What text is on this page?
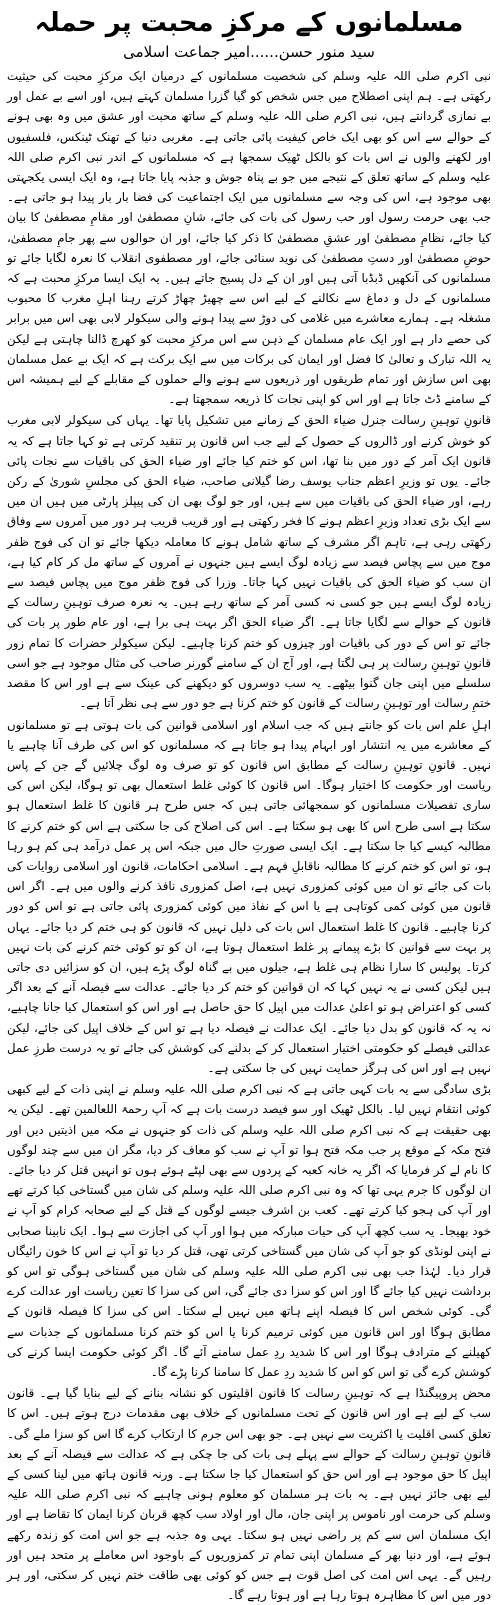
مسلمانوں کے مرکزِ محبت پر حملہ
سید منور حسن......امیر جماعت اسلامی

نبی اکرم صلی اللہ علیہ وسلم کی شخصیت مسلمانوں کے درمیان ایک مرکزِ محبت کی حیثیت رکھتی ہے۔ ہم اپنی اصطلاح میں جس شخص کو گیا گزرا مسلمان کہتے ہیں، اور اسے بے عمل اور بے نمازی گردانتے ہیں، نبی اکرم صلی اللہ علیہ وسلم کے ساتھ محبت اور عشق میں وہ بھی ہونے کے حوالے سے اس کو بھی ایک خاص کیفیت پائی جاتی ہے۔ مغربی دنیا کے تھنک ٹینکس، فلسفیوں اور لکھنے والوں نے اس بات کو بالکل ٹھیک سمجھا ہے کہ مسلمانوں کے اندر نبی اکرم صلی اللہ علیہ وسلم کے ساتھ تعلق کے نتیجے میں جو بے پناہ جوش و جذبہ پایا جاتا ہے، وہ ایک ایسی یکجہتی بھی موجود ہے، اس کی وجہ سے مسلمانوں میں ایک اجتماعیت کی فضا بار بار پیدا ہو جاتی ہے۔ جب بھی حرمت رسول اور حب رسول کی بات کی جائے، شانِ مصطفیٰ اور مقامِ مصطفیٰ کا بیان کیا جائے، نظامِ مصطفیٰ اور عشقِ مصطفیٰ کا ذکر کیا جائے، اور ان حوالوں سے پھر جامِ مصطفیٰ، حوضِ مصطفیٰ اور دستِ مصطفیٰ کی نوید سنائی جائے، اور مصطفوی انقلاب کا نعرہ لگایا جائے تو مسلمانوں کی آنکھیں ڈبڈبا آتی ہیں اور ان کے دل پسیج جاتے ہیں۔ یہ ایک ایسا مرکزِ محبت ہے کہ مسلمانوں کے دل و دماغ سے نکالنے کے لیے اس سے چھیڑ چھاڑ کرتے رہنا اہلِ مغرب کا محبوب مشغلہ ہے۔ ہمارے معاشرے میں غلامی کی دوڑ سے پیدا ہونے والی سیکولر لابی بھی اس میں برابر کی حصے دار ہے اور ایک عام مسلمان کے ذہن سے اس مرکزِ محبت کو کھرچ ڈالنا چاہتی ہے لیکن یہ اللہ تبارک و تعالیٰ کا فضل اور ایمان کی برکات میں سے ایک برکت ہے کہ ایک بے عمل مسلمان بھی اس سازش اور تمام طریقوں اور ذریعوں سے ہونے والے حملوں کے مقابلے کے لیے ہمیشہ اس کے سامنے ڈٹ جاتا ہے اور اس کو اپنی نجات کا ذریعہ سمجھتا ہے۔

قانونِ توہینِ رسالت جنرل ضیاء الحق کے زمانے میں تشکیل پایا تھا۔ یہاں کی سیکولر لابی مغرب کو خوش کرنے اور ڈالروں کے حصول کے لیے جب اس قانون پر تنقید کرتی ہے تو کہا جاتا ہے کہ یہ قانون ایک آمر کے دور میں بنا تھا، اس کو ختم کیا جائے اور ضیاء الحق کی باقیات سے نجات پائی جائے۔ یوں تو وزیرِ اعظم جناب یوسف رضا گیلانی صاحب، ضیاء الحق کی مجلسِ شوریٰ کے رکن رہے، اور ضیاء الحق کی باقیات میں سے ہیں، اور جو لوگ بھی ان کی پیپلز پارٹی میں ہیں ان میں سے ایک بڑی تعداد وزیرِ اعظم ہونے کا فخر رکھتی ہے اور قریب قریب ہر دور میں آمروں سے وفاق رکھتی رہی ہے، تاہم اگر مشرف کے ساتھ شامل ہونے کا معاملہ دیکھا جائے تو ان کی فوج ظفر موج میں سے پچاس فیصد سے زیادہ لوگ ایسے ہیں جنہوں نے آمروں کے ساتھ مل کر کام کیا ہے، ان سب کو ضیاء الحق کی باقیات نہیں کہا جاتا۔ وزرا کی فوج ظفر موج میں پچاس فیصد سے زیادہ لوگ ایسے ہیں جو کسی نہ کسی آمر کے ساتھ رہے ہیں۔ یہ نعرہ صرف توہینِ رسالت کے قانون کے حوالے سے لگایا جاتا ہے۔ اگر ضیاء الحق اگر بہت ہی برا ہے، اور عام طور پر بات کی جائے تو اس کے دور کی باقیات اور چیزوں کو ختم کرنا چاہیے۔ لیکن سیکولر حضرات کا تمام زور قانونِ توہینِ رسالت پر ہی لگتا ہے، اور آج ان کے سامنے گورنر صاحب کی مثال موجود ہے جو اسی سلسلے میں اپنی جان گنوا بیٹھے۔ یہ سب دوسروں کو دیکھنے کی عینک سے ہے اور اس کا مقصد ختمِ رسالت اور توہینِ رسالت کے قانون کو ختم کرنا ہے جو دور سے ہی نظر آتا ہے۔

اہلِ علم اس بات کو جانتے ہیں کہ جب اسلام اور اسلامی قوانین کی بات ہوتی ہے تو مسلمانوں کے معاشرے میں یہ انتشار اور ابہام پیدا ہو جاتا ہے کہ مسلمانوں کو اس کی طرف آنا چاہیے یا نہیں۔ قانونِ توہینِ رسالت کے مطابق اس قانون کو تو صرف وہ لوگ چلائیں گے جن کے پاس ریاست اور حکومت کا اختیار ہوگا۔ اس قانون کا کوئی غلط استعمال بھی تو ہوگا، لیکن اس کی ساری تفصیلات مسلمانوں کو سمجھائی جاتی ہیں کہ جس طرح ہر قانون کا غلط استعمال ہو سکتا ہے اسی طرح اس کا بھی ہو سکتا ہے۔ اس کی اصلاح کی جا سکتی ہے اس کو ختم کرنے کا مطالبہ کیسے کیا جا سکتا ہے۔ ایک ایسی صورتِ حال میں جبکہ اس پر عمل درآمد ہی کم ہو رہا ہو، تو اس کو ختم کرنے کا مطالبہ ناقابلِ فہم ہے۔ اسلامی احکامات، قانون اور اسلامی روایات کی بات کی جائے تو ان میں کوئی کمزوری نہیں ہے، اصل کمزوری نافذ کرنے والوں میں ہے۔ اگر اس قانون میں کوئی کمی کوتاہی ہے یا اس کے نفاذ میں کوئی کمزوری پائی جاتی ہے تو اس کو دور کرنا چاہیے۔ قانون کا غلط استعمال اس بات کی دلیل نہیں کہ قانون کو ہی ختم کر دیا جائے۔ یہاں پر بہت سے قوانین کا بڑے پیمانے پر غلط استعمال ہوتا ہے، ان کو تو کوئی ختم کرنے کی بات نہیں کرتا۔ پولیس کا سارا نظام ہی غلط ہے، جیلوں میں بے گناہ لوگ پڑے ہیں، ان کو سزائیں دی جاتی ہیں لیکن کسی نے یہ نہیں کہا کہ ان قوانین کو ختم کر دیا جائے۔ عدالت سے فیصلہ آنے کے بعد اگر کسی کو اعتراض ہو تو اعلیٰ عدالت میں اپیل کا حق حاصل ہے اور اس کو استعمال کیا جانا چاہیے، نہ یہ کہ قانون کو بدل دیا جائے۔ ایک عدالت نے فیصلہ دیا ہے تو اس کے خلاف اپیل کی جائے، لیکن عدالتی فیصلے کو حکومتی اختیار استعمال کر کے بدلنے کی کوشش کی جائے تو یہ درست طرزِ عمل نہیں ہے اور اس کی ہرگز حمایت نہیں کی جا سکتی ہے۔

بڑی سادگی سے یہ بات کہی جاتی ہے کہ نبی اکرم صلی اللہ علیہ وسلم نے اپنی ذات کے لیے کبھی کوئی انتقام نہیں لیا۔ بالکل ٹھیک اور سو فیصد درست بات ہے کہ آپ رحمۃ اللعالمین تھے۔ لیکن یہ بھی حقیقت ہے کہ نبی اکرم صلی اللہ علیہ وسلم کی ذات کو جنہوں نے مکہ میں اذیتیں دیں اور فتح مکہ کے موقع پر جب مکہ فتح ہوا تو آپ نے سب کو معاف کر دیا، مگر ان میں سے چند لوگوں کا نام لے کر فرمایا کہ اگر یہ خانہ کعبہ کے پردوں سے بھی لپٹے ہوئے ہوں تو انہیں قتل کر دیا جائے۔ ان لوگوں کا جرم یہی تھا کہ وہ نبی اکرم صلی اللہ علیہ وسلم کی شان میں گستاخی کیا کرتے تھے اور آپ کی ہجو کیا کرتے تھے۔ کعب بن اشرف جیسے لوگوں کے قتل کے لیے صحابہ کرام کو آپ نے خود بھیجا۔ یہ سب کچھ آپ کی حیات مبارکہ میں ہوا اور آپ کی اجازت سے ہوا۔ ایک نابینا صحابی نے اپنی لونڈی کو جو آپ کی شان میں گستاخی کرتی تھی، قتل کر دیا تو آپ نے اس کا خون رائیگاں قرار دیا۔ لہٰذا جب بھی نبی اکرم صلی اللہ علیہ وسلم کی شان میں گستاخی ہوگی تو اس کو برداشت نہیں کیا جائے گا اور اس کو سزا دی جائے گی، اس کی سزا کا تعین ریاست اور عدالت کرے گی۔ کوئی شخص اس کا فیصلہ اپنے ہاتھ میں نہیں لے سکتا۔ اس کی سزا کا فیصلہ قانون کے مطابق ہوگا اور اس قانون میں کوئی ترمیم کرنا یا اس کو ختم کرنا مسلمانوں کے جذبات سے کھیلنے کے مترادف ہوگا اور اس کا شدید ردِ عمل سامنے آئے گا۔ اگر کوئی حکومت ایسا کرنے کی کوشش کرے گی تو اس کو اس کا شدید ردِ عمل کا سامنا کرنا پڑے گا۔

محض پروپیگنڈا ہے کہ توہینِ رسالت کا قانون اقلیتوں کو نشانہ بنانے کے لیے بنایا گیا ہے۔ قانون سب کے لیے ہے اور اس قانون کے تحت مسلمانوں کے خلاف بھی مقدمات درج ہوتے ہیں۔ اس کا تعلق کسی اقلیت یا اکثریت سے نہیں ہے۔ جو بھی اس جرم کا ارتکاب کرے گا اس کو سزا ملے گی۔ قانونِ توہینِ رسالت کے حوالے سے پہلے ہی بات کی جا چکی ہے کہ عدالت سے فیصلہ آنے کے بعد اپیل کا حق موجود ہے اور اس حق کو استعمال کیا جا سکتا ہے۔ ورنہ قانون ہاتھ میں لینا کسی کے لیے بھی جائز نہیں ہے۔ یہ بات ہر مسلمان کو معلوم ہونی چاہیے کہ نبی اکرم صلی اللہ علیہ وسلم کی حرمت اور ناموس پر اپنی جان، مال اور اولاد سب کچھ قربان کرنا ایمان کا تقاضا ہے اور ایک مسلمان اس سے کم پر راضی نہیں ہو سکتا۔ یہی وہ جذبہ ہے جو اس امت کو زندہ رکھے ہوئے ہے، اور دنیا بھر کے مسلمان اپنی تمام تر کمزوریوں کے باوجود اس معاملے پر متحد ہیں اور رہیں گے۔ یہی اس امت کی اصل قوت ہے جس کو کوئی بھی طاقت ختم نہیں کر سکتی، اور ہر دور میں اس کا مظاہرہ ہوتا رہا ہے اور ہوتا رہے گا۔
